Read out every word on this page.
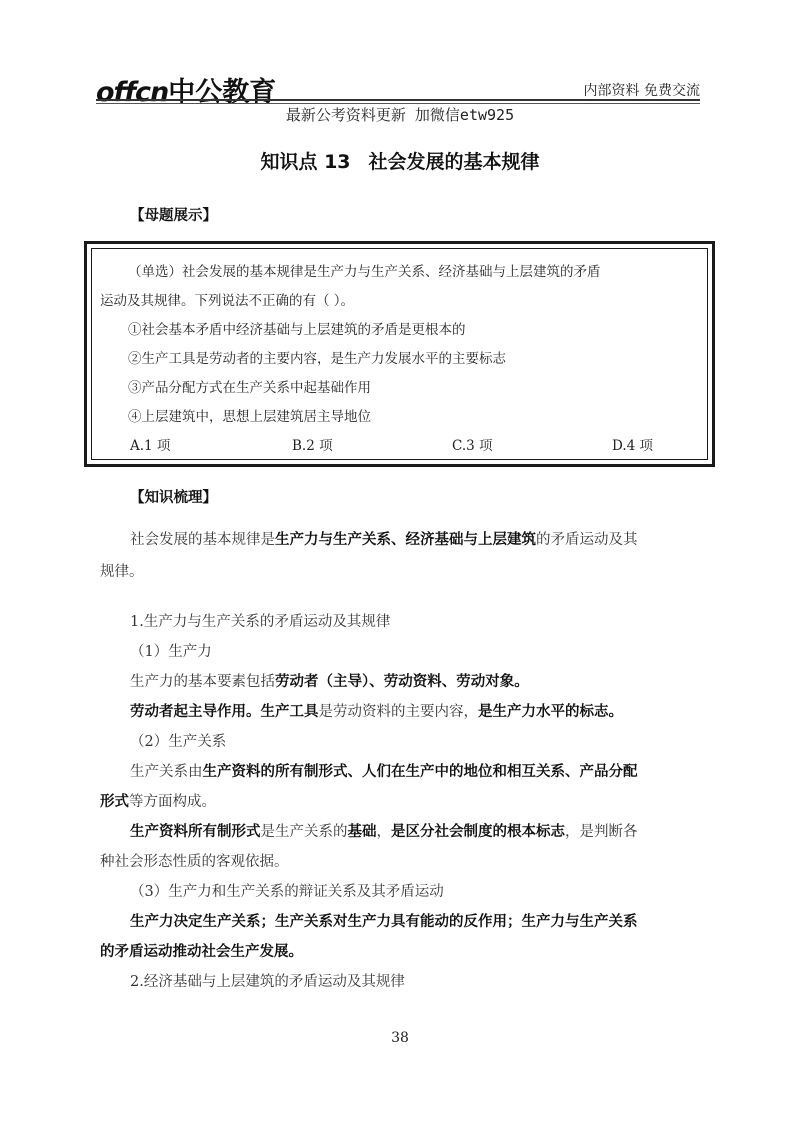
offcn中公教育	内部资料 免费交流
最新公考资料更新 加微信etw925
知识点 13 社会发展的基本规律
【母题展示】
（单选）社会发展的基本规律是生产力与生产关系、经济基础与上层建筑的矛盾
运动及其规律。下列说法不正确的有（ ）。
①社会基本矛盾中经济基础与上层建筑的矛盾是更根本的
②生产工具是劳动者的主要内容，是生产力发展水平的主要标志
③产品分配方式在生产关系中起基础作用
④上层建筑中，思想上层建筑居主导地位
A.1 项	B.2 项	C.3 项	D.4 项
【知识梳理】
社会发展的基本规律是生产力与生产关系、经济基础与上层建筑的矛盾运动及其
规律。
1.生产力与生产关系的矛盾运动及其规律
（1）生产力
生产力的基本要素包括劳动者（主导）、劳动资料、劳动对象。
劳动者起主导作用。生产工具是劳动资料的主要内容，是生产力水平的标志。
（2）生产关系
生产关系由生产资料的所有制形式、人们在生产中的地位和相互关系、产品分配
形式等方面构成。
生产资料所有制形式是生产关系的基础，是区分社会制度的根本标志，是判断各
种社会形态性质的客观依据。
（3）生产力和生产关系的辩证关系及其矛盾运动
生产力决定生产关系；生产关系对生产力具有能动的反作用；生产力与生产关系
的矛盾运动推动社会生产发展。
2.经济基础与上层建筑的矛盾运动及其规律
38
